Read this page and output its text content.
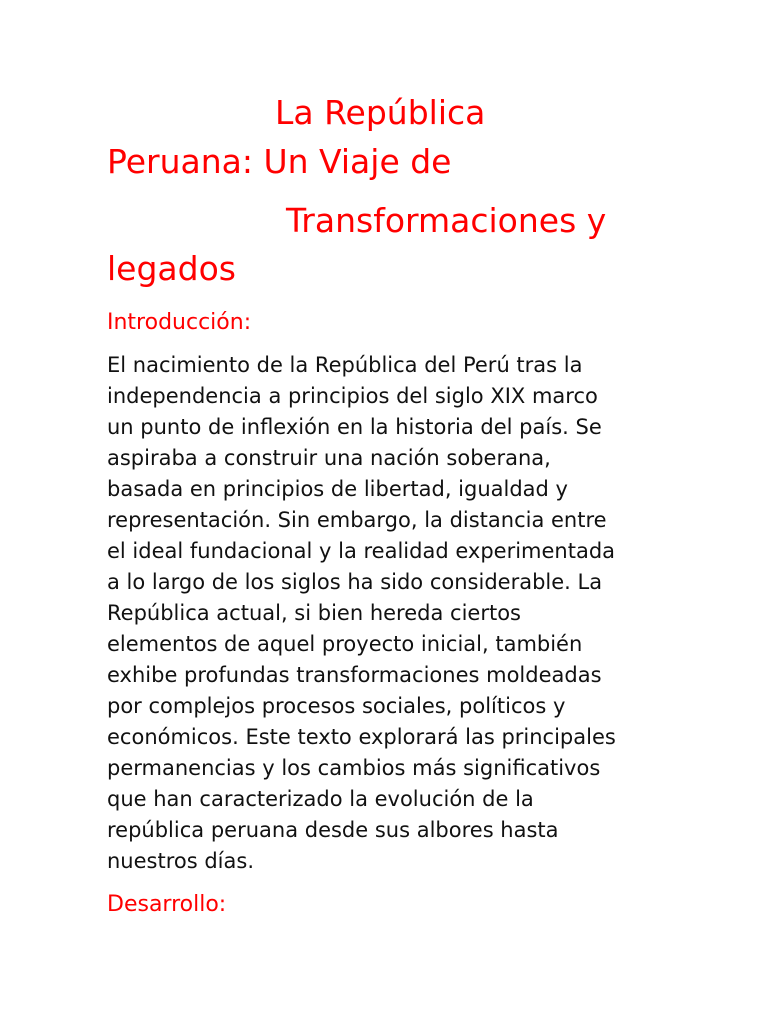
La República
Peruana: Un Viaje de
Transformaciones y
legados
Introducción:
El nacimiento de la República del Perú tras la
independencia a principios del siglo XIX marco
un punto de inflexión en la historia del país. Se
aspiraba a construir una nación soberana,
basada en principios de libertad, igualdad y
representación. Sin embargo, la distancia entre
el ideal fundacional y la realidad experimentada
a lo largo de los siglos ha sido considerable. La
República actual, si bien hereda ciertos
elementos de aquel proyecto inicial, también
exhibe profundas transformaciones moldeadas
por complejos procesos sociales, políticos y
económicos. Este texto explorará las principales
permanencias y los cambios más significativos
que han caracterizado la evolución de la
república peruana desde sus albores hasta
nuestros días.
Desarrollo:
